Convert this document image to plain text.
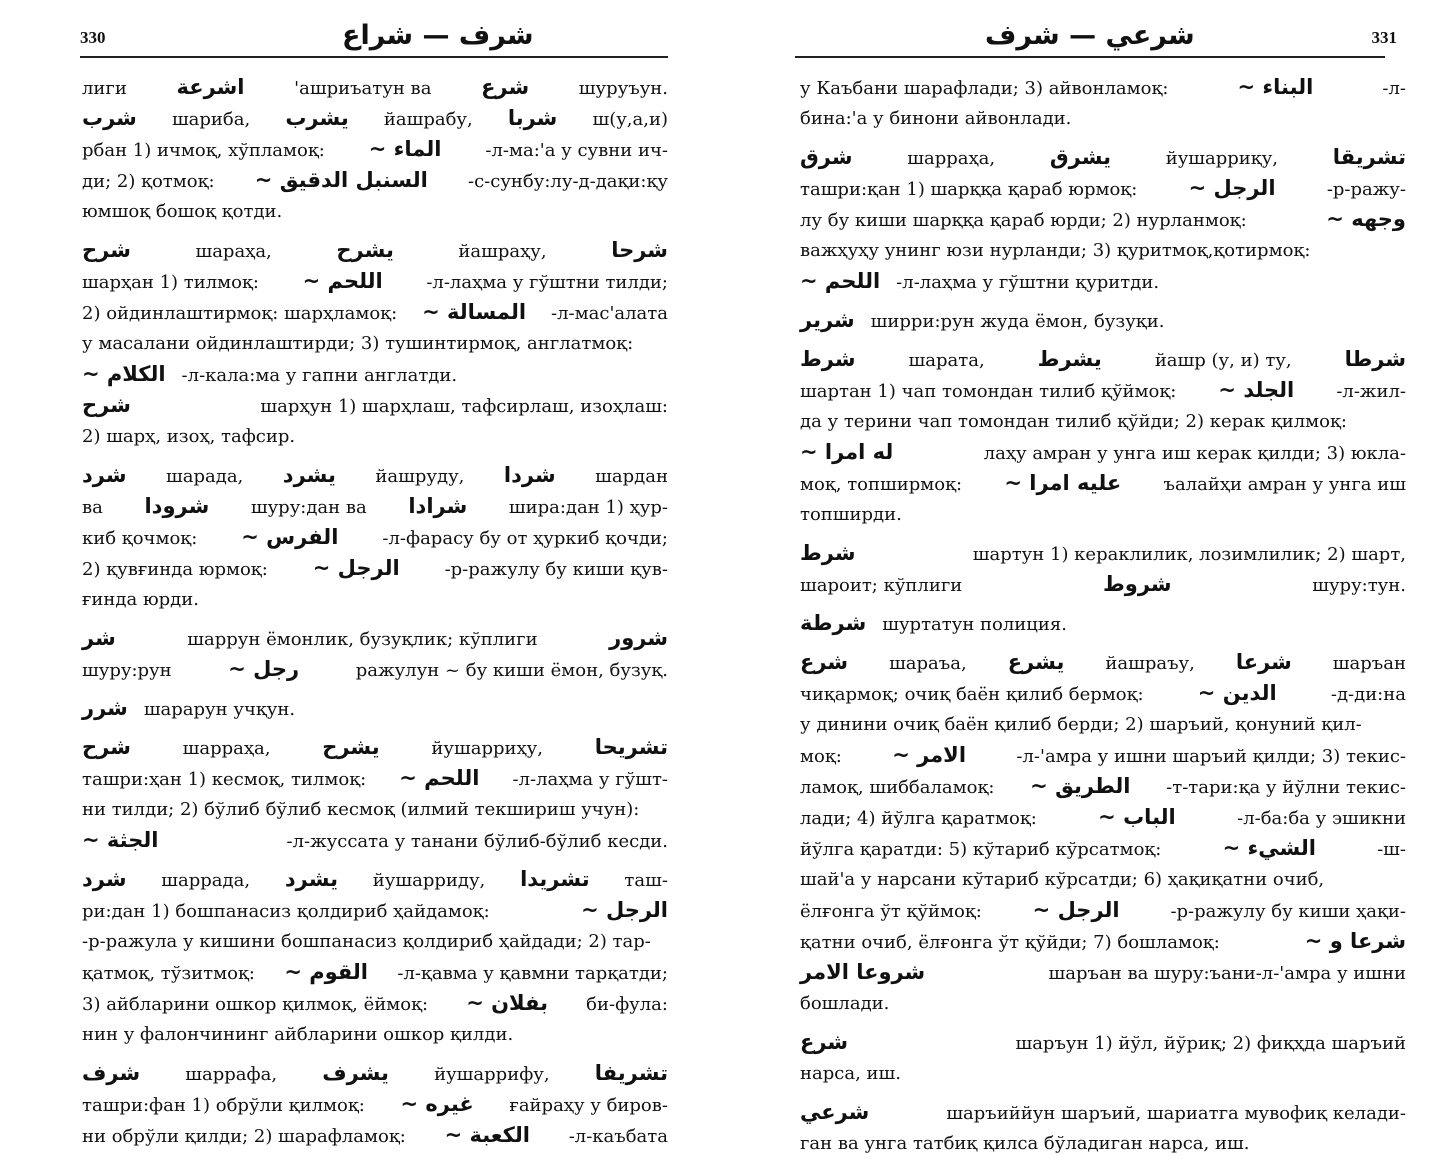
330	شرف — شراع
лиги اشرعة	'ашриъатун ва شرع	шуруъун.
شرب шариба, يشرب йашрабу, شربا ш(у,а,и)
рбан 1) ичмоқ, хўпламоқ: الماء ~ -л-ма:'а у сувни ич-
ди; 2) қотмоқ: السنبل الدقيق ~ -с-сунбу:лу-д-дақи:қу
юмшоқ бошоқ қотди.
شرح	шараҳа,	يشرح	йашраҳу,	شرحا
шарҳан 1) тилмоқ: اللحم ~ -л-лаҳма у гўштни тилди;
2) ойдинлаштирмоқ: шарҳламоқ: المسالة ~ -л-мас'алата
у масалани ойдинлаштирди; 3) тушинтирмоқ, англатмоқ:
الكلام ~ -л-кала:ма у гапни англатди.
شرح	шарҳун 1) шарҳлаш, тафсирлаш, изоҳлаш:
2) шарҳ, изоҳ, тафсир.
شرد шарада, يشرد йашруду, شردا шардан
ва شرودا шуру:дан ва شرادا шира:дан 1) ҳур-
киб қочмоқ: الفرس ~ -л-фарасу бу от ҳуркиб қочди;
2) қувғинда юрмоқ: الرجل ~ -р-ражулу бу киши қув-
ғинда юрди.
شر	шаррун ёмонлик, бузуқлик; кўплиги	شرور
шуру:рун	رجل ~	ражулун ~ бу киши ёмон, бузуқ.
شرر шарарун учқун.
شرح	шарраҳа, يشرح	йушарриҳу, تشريحا
ташри:ҳан 1) кесмоқ, тилмоқ: اللحم ~ -л-лаҳма у гўшт-
ни тилди; 2) бўлиб бўлиб кесмоқ (илмий текшириш учун):
الجثة ~	-л-жуссата у танани бўлиб-бўлиб кесди.
شرد шаррада, يشرد йушарриду, تشريدا таш-
ри:дан 1) бошпанасиз қолдириб ҳайдамоқ:	الرجل ~
-р-ражула у кишини бошпанасиз қолдириб ҳайдади; 2) тар-
қатмоқ, тўзитмоқ: القوم ~ -л-қавма у қавмни тарқатди;
3) айбларини ошкор қилмоқ, ёймоқ: بفلان ~ би-фула:
нин у фалончининг айбларини ошкор қилди.
شرف	шаррафа, يشرف	йушаррифу, تشريفا
ташри:фан 1) обрўли қилмоқ: غيره ~ ғайраҳу у биров-
ни обрўли қилди; 2) шарафламоқ: الكعبة ~ -л-каъбата
331
شرعي — شرف
у Каъбани шарафлади; 3) айвонламоқ:	البناء ~	-л-
бина:'а у бинони айвонлади.
شرق	шарраҳа,	يشرق	йушарриқу,	تشريقا
ташри:қан 1) шарққа қараб юрмоқ: الرجل ~	-р-ражу-
лу бу киши шарққа қараб юрди; 2) нурланмоқ:	وجهه ~
важҳуҳу унинг юзи нурланди; 3) қуритмоқ,қотирмоқ:
اللحم ~ -л-лаҳма у гўштни қуритди.
شرير ширри:рун жуда ёмон, бузуқи.
شرط	шарата,	يشرط	йашр (у, и) ту,	شرطا
шартан 1) чап томондан тилиб қўймоқ: الجلد ~ -л-жил-
да у терини чап томондан тилиб қўйди; 2) керак қилмоқ:
له امرا ~	лаҳу амран у унга иш керак қилди; 3) юкла-
моқ, топширмоқ: عليه امرا ~ ъалайҳи амран у унга иш
топширди.
شرط	шартун 1) кераклилик, лозимлилик; 2) шарт,
шароит; кўплиги	شروط	шуру:тун.
شرطة шуртатун полиция.
شرع шараъа, يشرع йашраъу, شرعا шаръан
чиқармоқ; очиқ баён қилиб бермоқ:	الدين ~	-д-ди:на
у динини очиқ баён қилиб берди; 2) шаръий, қонуний қил-
моқ: الامر ~	-л-'амра у ишни шаръий қилди; 3) текис-
ламоқ, шиббаламоқ: الطريق ~ -т-тари:қа у йўлни текис-
лади; 4) йўлга қаратмоқ:	الباب ~	-л-ба:ба у эшикни
йўлга қаратди: 5) кўтариб кўрсатмоқ:	الشيء ~	-ш-
шай'а у нарсани кўтариб кўрсатди; 6) ҳақиқатни очиб,
ёлғонга ўт қўймоқ: الرجل ~	-р-ражулу бу киши ҳақи-
қатни очиб, ёлғонга ўт қўйди; 7) бошламоқ:	شرعا و ~
شروعا الامر	шаръан ва шуру:ъани-л-'амра у ишни
бошлади.
شرع	шаръун 1) йўл, йўриқ; 2) фиқҳда шаръий
нарса, иш.
شرعي	шаръиййун шаръий, шариатга мувофиқ келади-
ган ва унга татбиқ қилса бўладиган нарса, иш.
